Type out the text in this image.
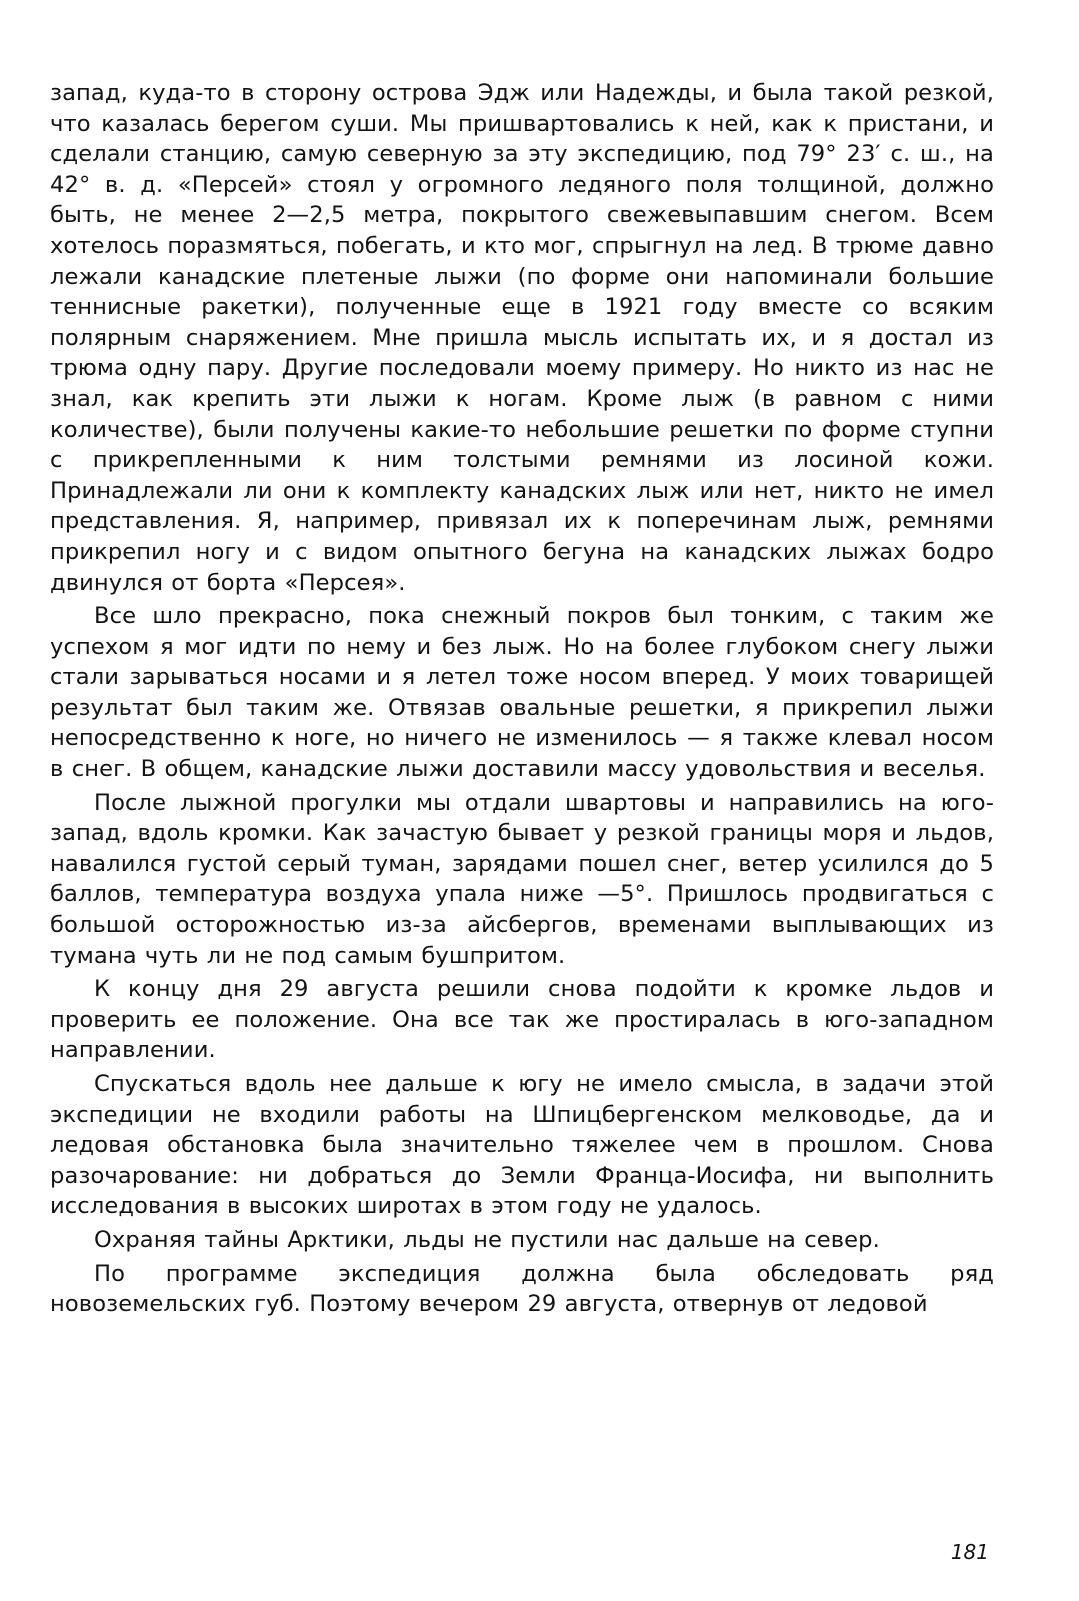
запад, куда-то в сторону острова Эдж или Надежды, и была такой резкой, что казалась берегом суши. Мы пришвартовались к ней, как к пристани, и сделали станцию, самую северную за эту экспедицию, под 79° 23′ с. ш., на 42° в. д. «Персей» стоял у огромного ледяного поля толщиной, должно быть, не менее 2—2,5 метра, покрытого свежевыпавшим снегом. Всем хотелось поразмяться, побегать, и кто мог, спрыгнул на лед. В трюме давно лежали канадские плетеные лыжи (по форме они напоминали большие теннисные ракетки), полученные еще в 1921 году вместе со всяким полярным снаряжением. Мне пришла мысль испытать их, и я достал из трюма одну пару. Другие последовали моему примеру. Но никто из нас не знал, как крепить эти лыжи к ногам. Кроме лыж (в равном с ними количестве), были получены какие-то небольшие решетки по форме ступни с прикрепленными к ним толстыми ремнями из лосиной кожи. Принадлежали ли они к комплекту канадских лыж или нет, никто не имел представления. Я, например, привязал их к поперечинам лыж, ремнями прикрепил ногу и с видом опытного бегуна на канадских лыжах бодро двинулся от борта «Персея».

Все шло прекрасно, пока снежный покров был тонким, с таким же успехом я мог идти по нему и без лыж. Но на более глубоком снегу лыжи стали зарываться носами и я летел тоже носом вперед. У моих товарищей результат был таким же. Отвязав овальные решетки, я прикрепил лыжи непосредственно к ноге, но ничего не изменилось — я также клевал носом в снег. В общем, канадские лыжи доставили массу удовольствия и веселья.

После лыжной прогулки мы отдали швартовы и направились на юго-запад, вдоль кромки. Как зачастую бывает у резкой границы моря и льдов, навалился густой серый туман, зарядами пошел снег, ветер усилился до 5 баллов, температура воздуха упала ниже —5°. Пришлось продвигаться с большой осторожностью из-за айсбергов, временами выплывающих из тумана чуть ли не под самым бушпритом.

К концу дня 29 августа решили снова подойти к кромке льдов и проверить ее положение. Она все так же простиралась в юго-западном направлении.

Спускаться вдоль нее дальше к югу не имело смысла, в задачи этой экспедиции не входили работы на Шпицбергенском мелководье, да и ледовая обстановка была значительно тяжелее чем в прошлом. Снова разочарование: ни добраться до Земли Франца-Иосифа, ни выполнить исследования в высоких широтах в этом году не удалось.

Охраняя тайны Арктики, льды не пустили нас дальше на север.

По программе экспедиция должна была обследовать ряд новоземельских губ. Поэтому вечером 29 августа, отвернув от ледовой

181
